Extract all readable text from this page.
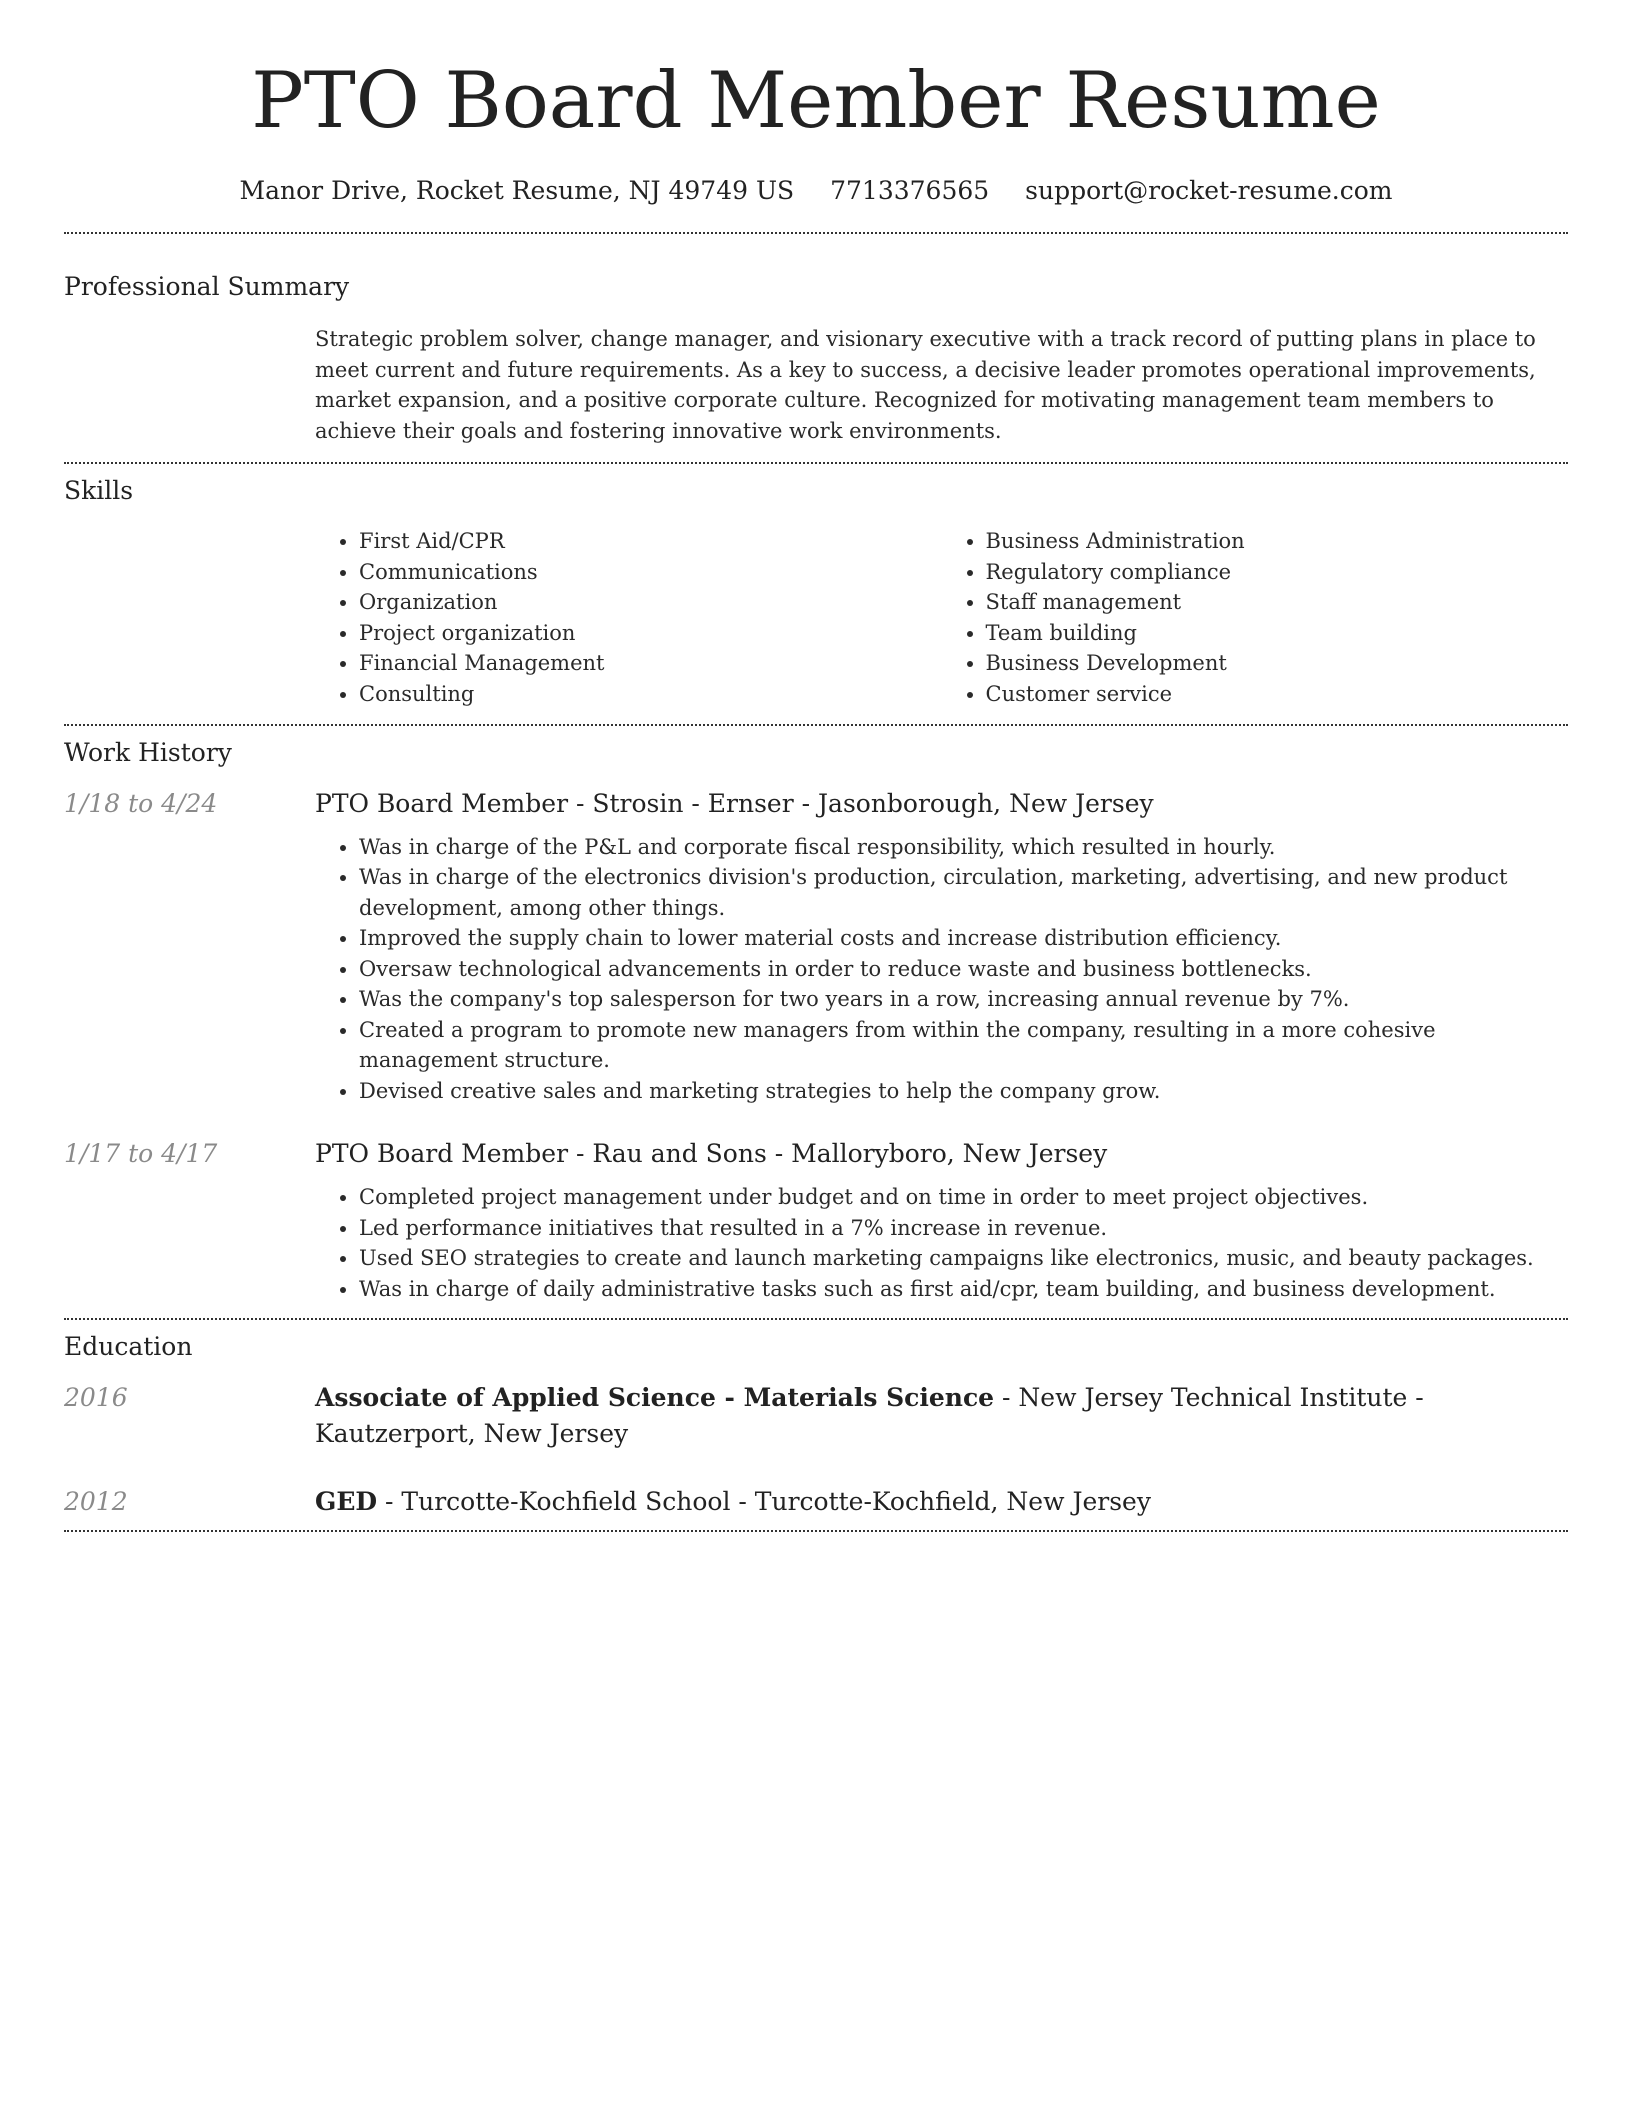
PTO Board Member Resume
Manor Drive, Rocket Resume, NJ 49749 US 7713376565 support@rocket-resume.com
Professional Summary

Strategic problem solver, change manager, and visionary executive with a track record of putting plans in place to meet current and future requirements. As a key to success, a decisive leader promotes operational improvements, market expansion, and a positive corporate culture. Recognized for motivating management team members to achieve their goals and fostering innovative work environments.

Skills
• First Aid/CPR
• Communications
• Organization
• Project organization
• Financial Management
• Consulting
• Business Administration
• Regulatory compliance
• Staff management
• Team building
• Business Development
• Customer service
Work History
1/18 to 4/24	PTO Board Member - Strosin - Ernser - Jasonborough, New Jersey
• Was in charge of the P&L and corporate fiscal responsibility, which resulted in hourly.
• Was in charge of the electronics division's production, circulation, marketing, advertising, and new product development, among other things.
• Improved the supply chain to lower material costs and increase distribution efficiency.
• Oversaw technological advancements in order to reduce waste and business bottlenecks.
• Was the company's top salesperson for two years in a row, increasing annual revenue by 7%.
• Created a program to promote new managers from within the company, resulting in a more cohesive management structure.
• Devised creative sales and marketing strategies to help the company grow.
1/17 to 4/17	PTO Board Member - Rau and Sons - Malloryboro, New Jersey
• Completed project management under budget and on time in order to meet project objectives.
• Led performance initiatives that resulted in a 7% increase in revenue.
• Used SEO strategies to create and launch marketing campaigns like electronics, music, and beauty packages.
• Was in charge of daily administrative tasks such as first aid/cpr, team building, and business development.
Education
2016	Associate of Applied Science - Materials Science - New Jersey Technical Institute - Kautzerport, New Jersey
2012	GED - Turcotte-Kochfield School - Turcotte-Kochfield, New Jersey
